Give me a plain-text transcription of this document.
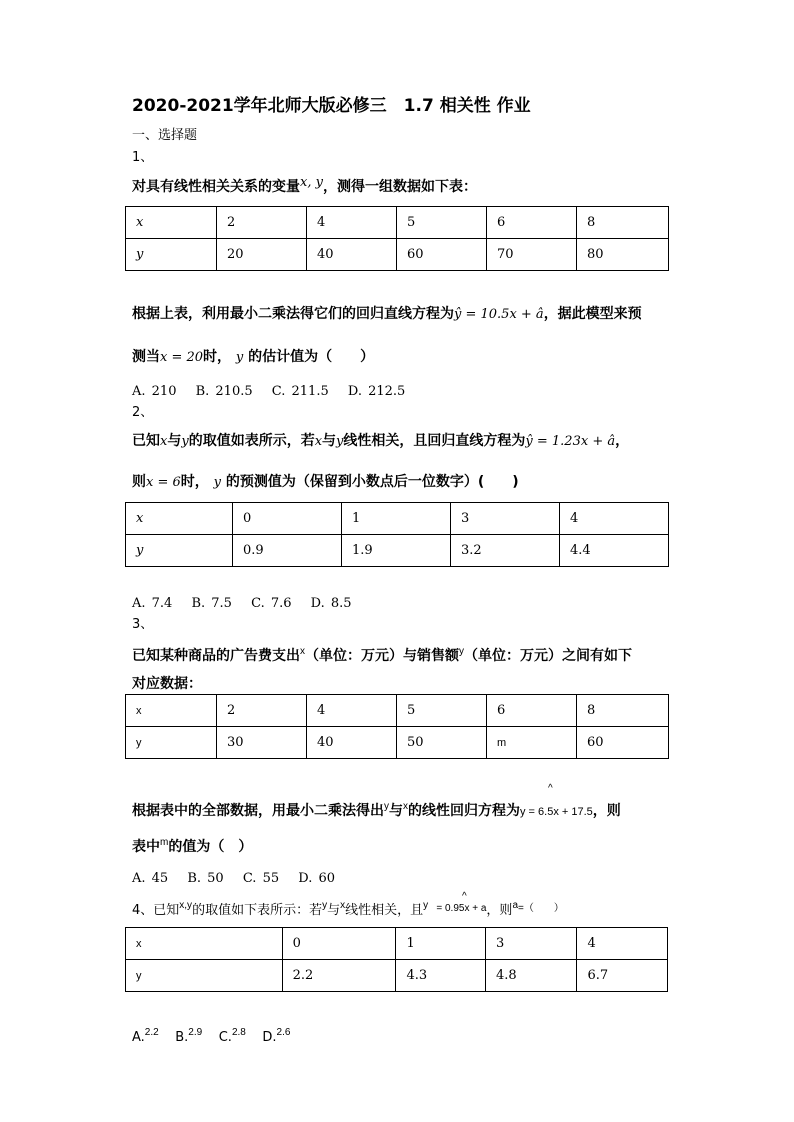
2020-2021学年北师大版必修三　1.7 相关性 作业
一、选择题
1、
对具有线性相关关系的变量x, y，测得一组数据如下表：
x	2	4	5	6	8
y	20	40	60	70	80
根据上表，利用最小二乘法得它们的回归直线方程为ŷ = 10.5x + â，据此模型来预
测当x = 20时， y 的估计值为（　　）
A. 210　 B. 210.5　 C. 211.5　 D. 212.5
2、
已知x与y的取值如表所示，若x与y线性相关，且回归直线方程为ŷ = 1.23x + â，
则x = 6时， y 的预测值为（保留到小数点后一位数字）(　　)
x	0	1	3	4
y	0.9	1.9	3.2	4.4
A. 7.4　 B. 7.5　 C. 7.6　 D. 8.5
3、
已知某种商品的广告费支出$^x$（单位：万元）与销售额$^y$（单位：万元）之间有如下
对应数据：
x	2	4	5	6	8
y	30	40	50	m	60
^
根据表中的全部数据，用最小二乘法得出$^y$与$^x$的线性回归方程为y = 6.5x + 17.5，则
表中$^m$的值为（　）
A. 45　 B. 50　 C. 55　 D. 60
^
4、已知$^{x,y}$的取值如下表所示：若$^y$与$^x$线性相关，且$^y$ $^{= 0.95x + a}$，则$^{a=( )}$
x	0	1	3	4
y	2.2	4.3	4.8	6.7
A.$^{2.2}$ B.$^{2.9}$ C.$^{2.8}$ D.$^{2.6}$
